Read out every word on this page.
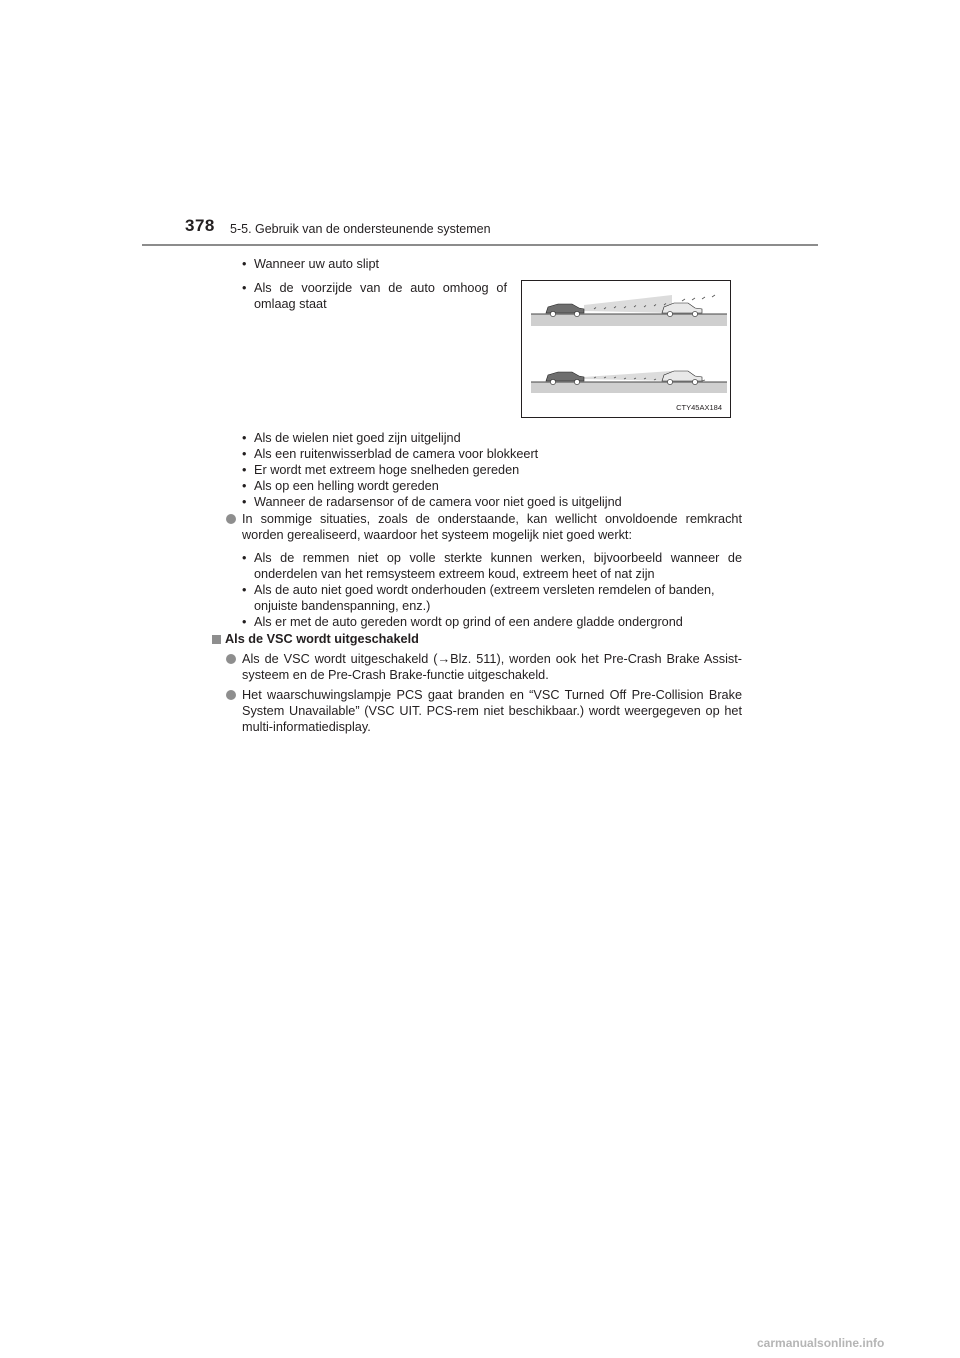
378 5-5. Gebruik van de ondersteunende systemen
• Wanneer uw auto slipt
• Als de voorzijde van de auto omhoog of omlaag staat
CTY45AX184
• Als de wielen niet goed zijn uitgelijnd
• Als een ruitenwisserblad de camera voor blokkeert
• Er wordt met extreem hoge snelheden gereden
• Als op een helling wordt gereden
• Wanneer de radarsensor of de camera voor niet goed is uitgelijnd
In sommige situaties, zoals de onderstaande, kan wellicht onvoldoende remkracht worden gerealiseerd, waardoor het systeem mogelijk niet goed werkt:
• Als de remmen niet op volle sterkte kunnen werken, bijvoorbeeld wanneer de onderdelen van het remsysteem extreem koud, extreem heet of nat zijn
• Als de auto niet goed wordt onderhouden (extreem versleten remdelen of banden, onjuiste bandenspanning, enz.)
• Als er met de auto gereden wordt op grind of een andere gladde ondergrond
Als de VSC wordt uitgeschakeld
Als de VSC wordt uitgeschakeld (→Blz. 511), worden ook het Pre-Crash Brake Assist-systeem en de Pre-Crash Brake-functie uitgeschakeld.
Het waarschuwingslampje PCS gaat branden en “VSC Turned Off Pre-Collision Brake System Unavailable” (VSC UIT. PCS-rem niet beschikbaar.) wordt weergegeven op het multi-informatiedisplay.
carmanualsonline.info
